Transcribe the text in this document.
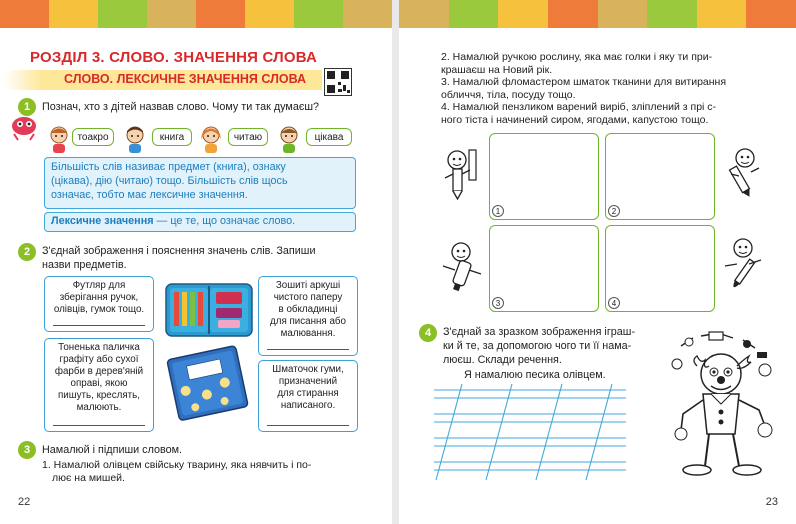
РОЗДІЛ 3. СЛОВО. ЗНАЧЕННЯ СЛОВА
СЛОВО. ЛЕКСИЧНЕ ЗНАЧЕННЯ СЛОВА
1	Познач, хто з дітей назвав слово. Чому ти так думаєш?
тоакро	книга	читаю	цікава
Більшість слів називає предмет (книга), ознаку
(цікава), дію (читаю) тощо. Більшість слів щось
означає, тобто має лексичне значення.
Лексичне значення — це те, що означає слово.
2	З'єднай зображення і пояснення значень слів. Запиши
назви предметів.
Футляр для
зберігання ручок,
олівців, гумок тощо.
Тоненька паличка
графіту або сухої
фарби в дерев'яній
оправі, якою
пишуть, креслять,
малюють.
Зошиті аркуші
чистого паперу
в обкладинці
для писання або
малювання.
Шматочок гуми,
призначений
для стирання
написаного.
3	Намалюй і підпиши словом.
1. Намалюй олівцем свійську тварину, яка нявчить і по-
лює на мишей.
22
2. Намалюй ручкою рослину, яка має голки і яку ти при-
крашаєш на Новий рік.
3. Намалюй фломастером шматок тканини для витирання
обличчя, тіла, посуду тощо.
4. Намалюй пензликом варений виріб, зліплений з прі с-
ного тіста і начинений сиром, ягодами, капустою тощо.
1	2
3	4
4	З'єднай за зразком зображення іграш-
ки й те, за допомогою чого ти її нама-
люєш. Склади речення.
23
Я намалюю песика олівцем.
